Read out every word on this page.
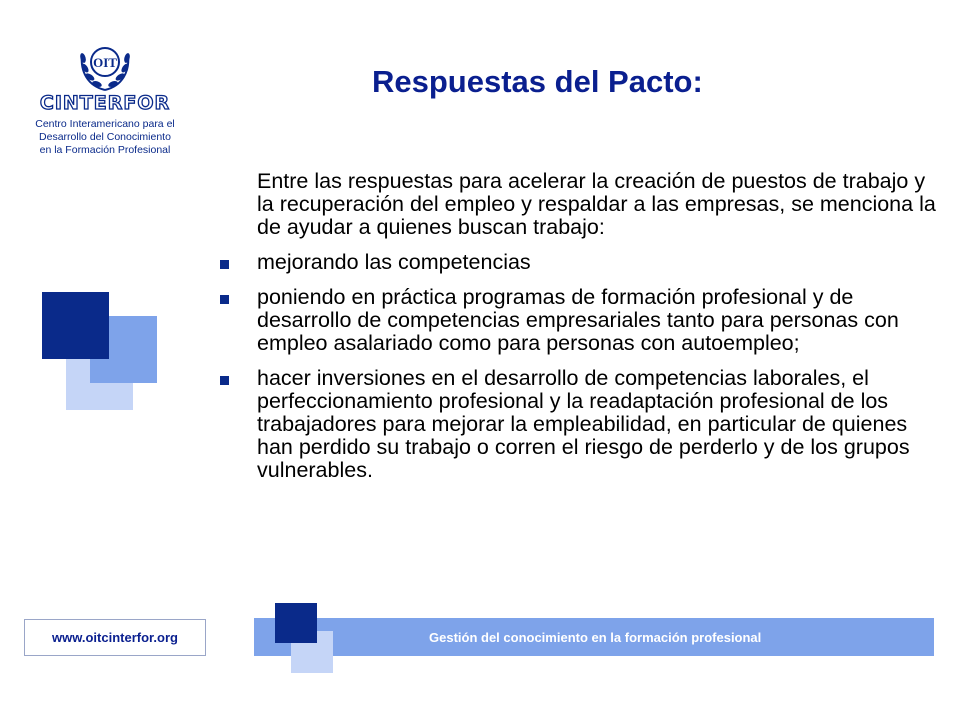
OIT
CINTERFOR
Centro Interamericano para el
Desarrollo del Conocimiento
en la Formación Profesional
Respuestas del Pacto:

Entre las respuestas para acelerar la creación de puestos de trabajo y la recuperación del empleo y respaldar a las empresas, se menciona la de ayudar a quienes buscan trabajo:

mejorando las competencias
poniendo en práctica programas de formación profesional y de desarrollo de competencias empresariales tanto para personas con empleo asalariado como para personas con autoempleo;
hacer inversiones en el desarrollo de competencias laborales, el perfeccionamiento profesional y la readaptación profesional de los trabajadores para mejorar la empleabilidad, en particular de quienes han perdido su trabajo o corren el riesgo de perderlo y de los grupos vulnerables.
www.oitcinterfor.org	Gestión del conocimiento en la formación profesional
